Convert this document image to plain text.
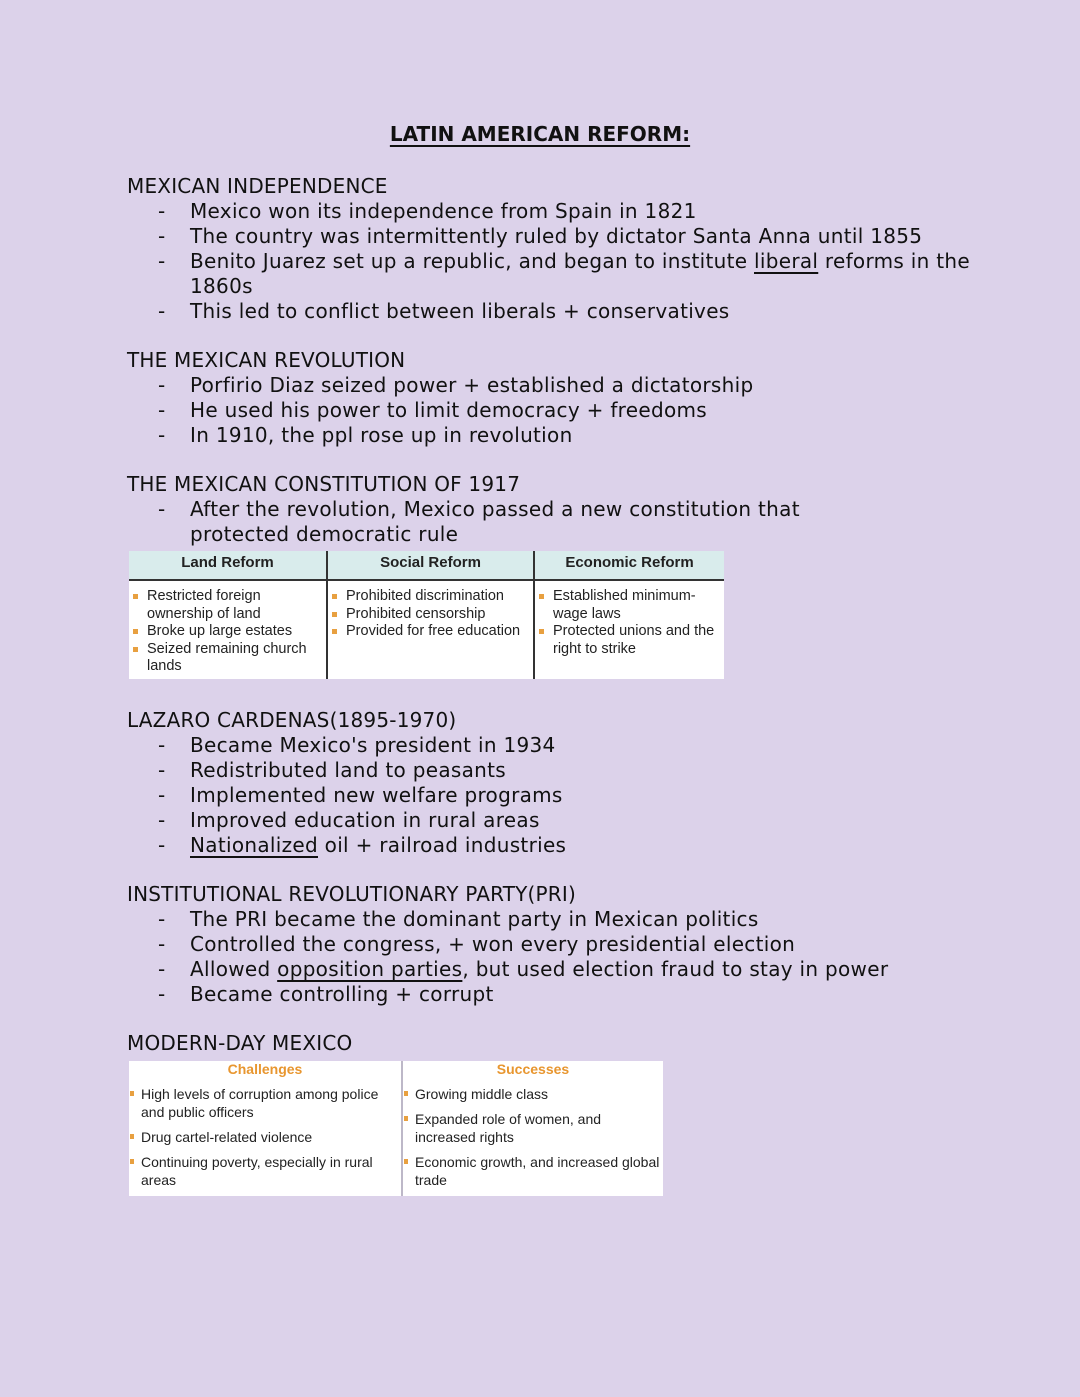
LATIN AMERICAN REFORM:
MEXICAN INDEPENDENCE
- Mexico won its independence from Spain in 1821
- The country was intermittently ruled by dictator Santa Anna until 1855
- Benito Juarez set up a republic, and began to institute liberal reforms in the 1860s
- This led to conflict between liberals + conservatives
THE MEXICAN REVOLUTION
- Porfirio Diaz seized power + established a dictatorship
- He used his power to limit democracy + freedoms
- In 1910, the ppl rose up in revolution
THE MEXICAN CONSTITUTION OF 1917
- After the revolution, Mexico passed a new constitution that protected democratic rule
Land Reform
Restricted foreign ownership of land
Broke up large estates
Seized remaining church lands
Social Reform
Prohibited discrimination
Prohibited censorship
Provided for free education
Economic Reform
Established minimum-wage laws
Protected unions and the right to strike
LAZARO CARDENAS(1895-1970)
- Became Mexico's president in 1934
- Redistributed land to peasants
- Implemented new welfare programs
- Improved education in rural areas
- Nationalized oil + railroad industries
INSTITUTIONAL REVOLUTIONARY PARTY(PRI)
- The PRI became the dominant party in Mexican politics
- Controlled the congress, + won every presidential election
- Allowed opposition parties, but used election fraud to stay in power
- Became controlling + corrupt
MODERN-DAY MEXICO
Challenges
High levels of corruption among police and public officers
Drug cartel-related violence
Continuing poverty, especially in rural areas
Successes
Growing middle class
Expanded role of women, and increased rights
Economic growth, and increased global trade
